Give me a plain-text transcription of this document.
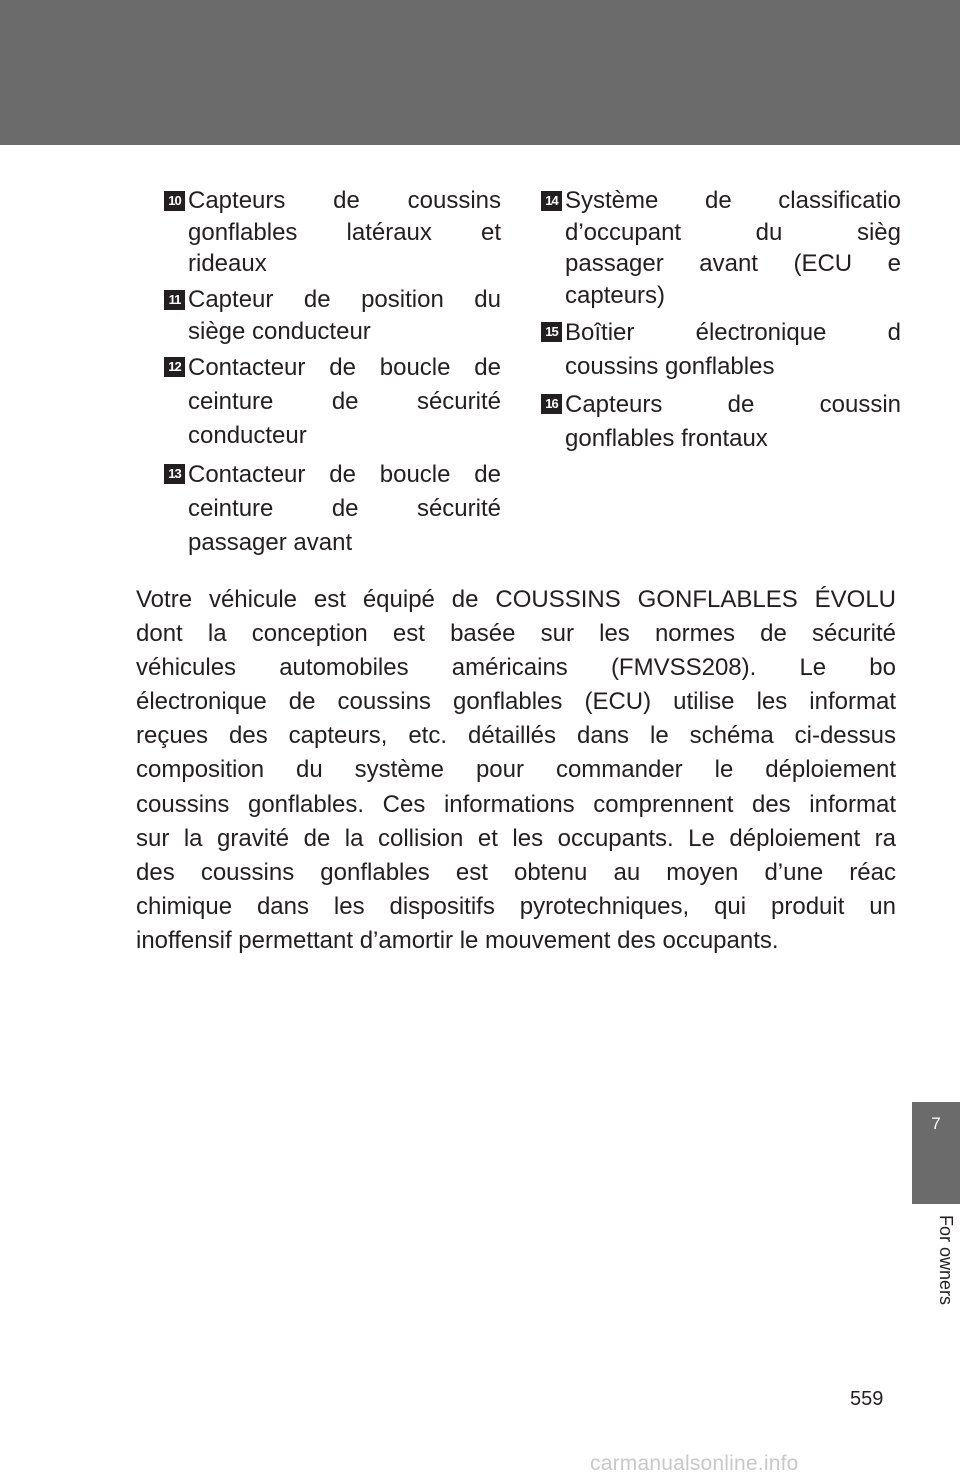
10 Capteurs de coussins
gonflables latéraux et
rideaux
11 Capteur de position du
siège conducteur
12 Contacteur de boucle de
ceinture de sécurité
conducteur
13 Contacteur de boucle de
ceinture de sécurité
passager avant
14 Système de classificatio
d’occupant du sièg
passager avant (ECU e
capteurs)
15 Boîtier électronique d
coussins gonflables
16 Capteurs de coussin
gonflables frontaux
Votre véhicule est équipé de COUSSINS GONFLABLES ÉVOLU
dont la conception est basée sur les normes de sécurité
véhicules automobiles américains (FMVSS208). Le bo
électronique de coussins gonflables (ECU) utilise les informat
reçues des capteurs, etc. détaillés dans le schéma ci-dessus
composition du système pour commander le déploiement
coussins gonflables. Ces informations comprennent des informat
sur la gravité de la collision et les occupants. Le déploiement ra
des coussins gonflables est obtenu au moyen d’une réac
chimique dans les dispositifs pyrotechniques, qui produit un
inoffensif permettant d’amortir le mouvement des occupants.
7
For owners
559
carmanualsonline.info
